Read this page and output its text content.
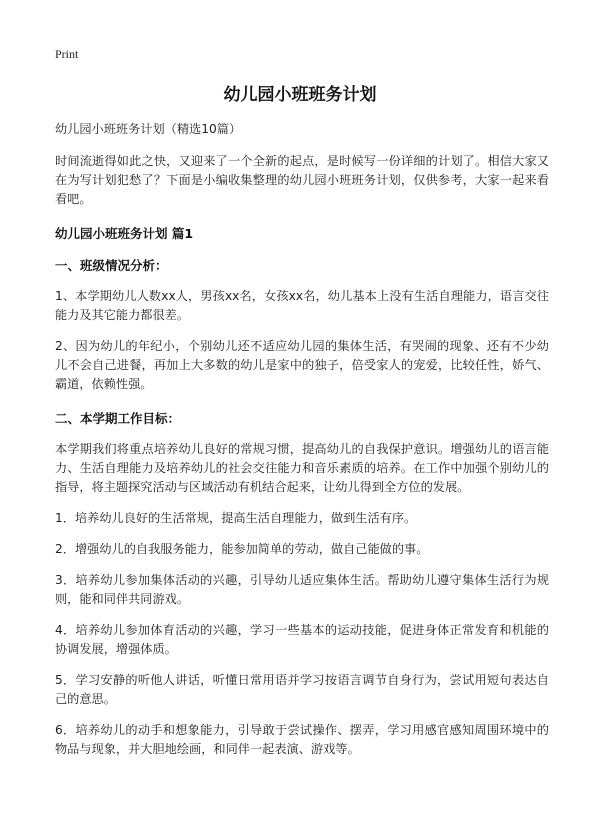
Print
幼儿园小班班务计划

幼儿园小班班务计划（精选10篇）

时间流逝得如此之快，又迎来了一个全新的起点，是时候写一份详细的计划了。相信大家又在为写计划犯愁了？下面是小编收集整理的幼儿园小班班务计划，仅供参考，大家一起来看看吧。

幼儿园小班班务计划 篇1
一、班级情况分析：

1、本学期幼儿人数xx人，男孩xx名，女孩xx名，幼儿基本上没有生活自理能力，语言交往能力及其它能力都很差。

2、因为幼儿的年纪小，个别幼儿还不适应幼儿园的集体生活，有哭闹的现象、还有不少幼儿不会自己进餐，再加上大多数的幼儿是家中的独子，倍受家人的宠爱，比较任性，娇气、霸道，依赖性强。

二、本学期工作目标：

本学期我们将重点培养幼儿良好的常规习惯，提高幼儿的自我保护意识。增强幼儿的语言能力、生活自理能力及培养幼儿的社会交往能力和音乐素质的培养。在工作中加强个别幼儿的指导，将主题探究活动与区域活动有机结合起来，让幼儿得到全方位的发展。

1．培养幼儿良好的生活常规，提高生活自理能力，做到生活有序。

2．增强幼儿的自我服务能力，能参加简单的劳动，做自己能做的事。

3．培养幼儿参加集体活动的兴趣，引导幼儿适应集体生活。帮助幼儿遵守集体生活行为规则，能和同伴共同游戏。

4．培养幼儿参加体育活动的兴趣，学习一些基本的运动技能，促进身体正常发育和机能的协调发展，增强体质。

5．学习安静的听他人讲话，听懂日常用语并学习按语言调节自身行为，尝试用短句表达自己的意思。

6．培养幼儿的动手和想象能力，引导敢于尝试操作、摆弄，学习用感官感知周围环境中的物品与现象，并大胆地绘画，和同伴一起表演、游戏等。
